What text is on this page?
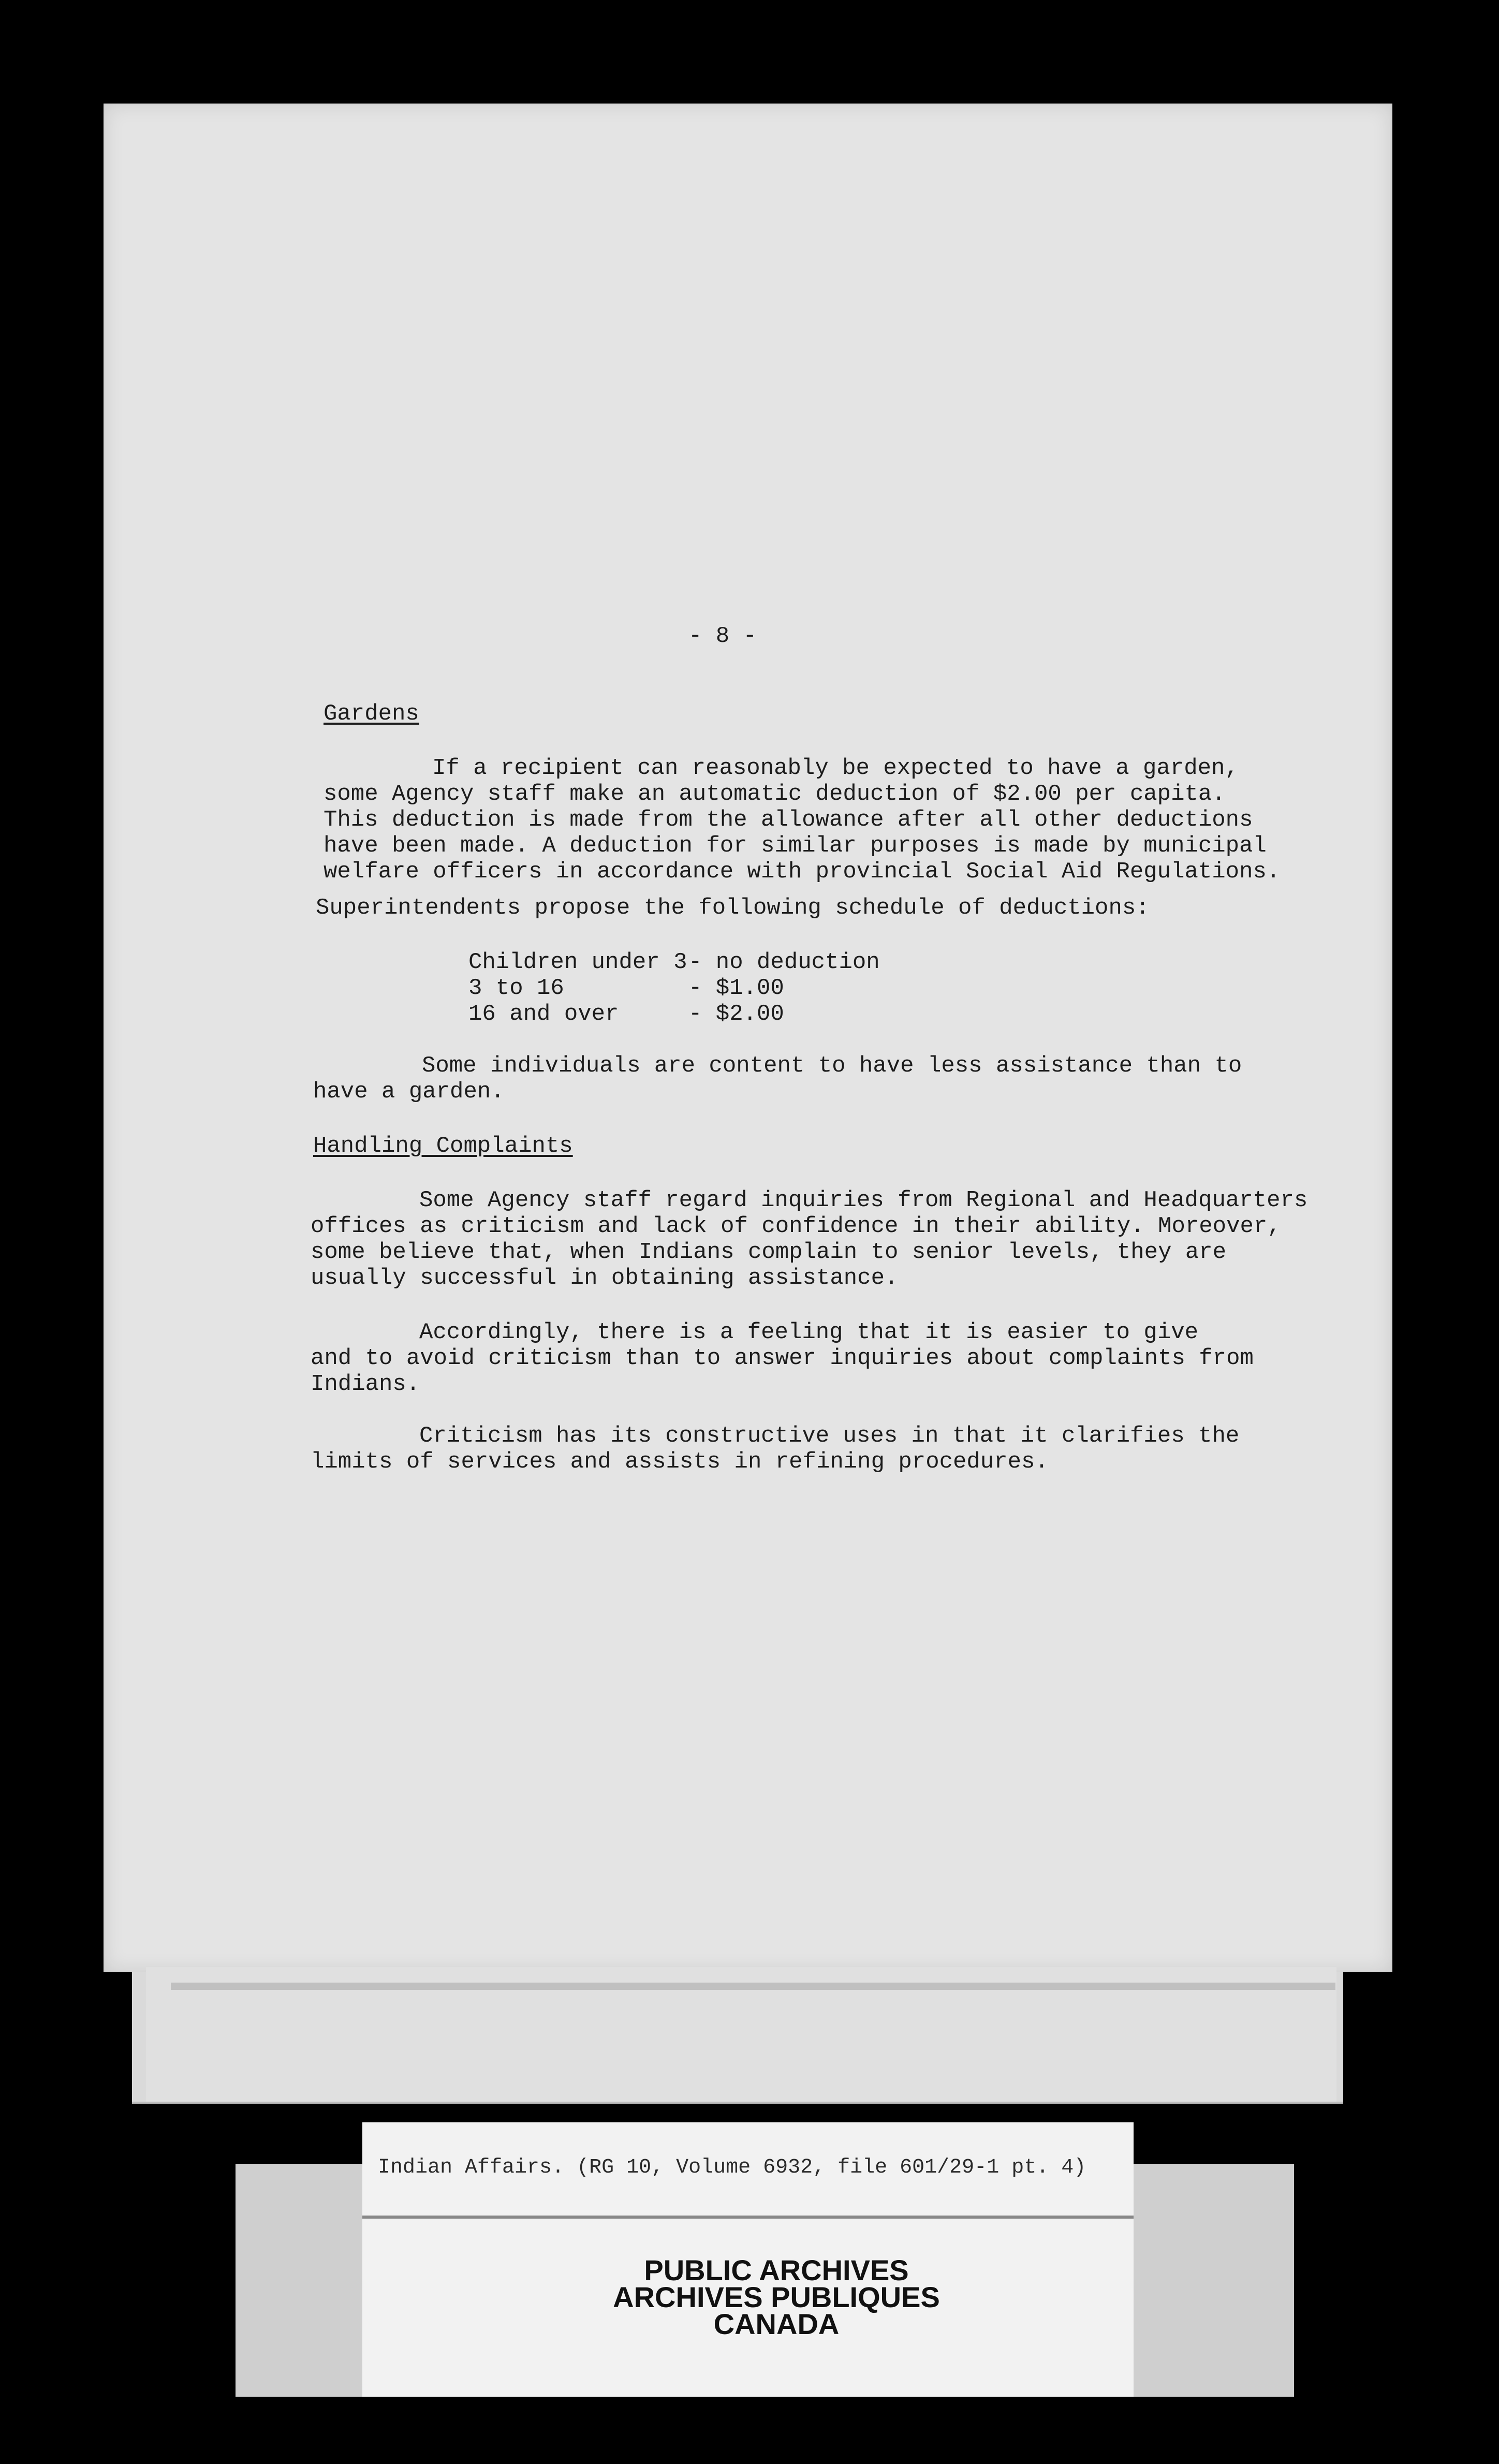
- 8 -
Gardens
If a recipient can reasonably be expected to have a garden,
some Agency staff make an automatic deduction of $2.00 per capita.
This deduction is made from the allowance after all other deductions
have been made. A deduction for similar purposes is made by municipal
welfare officers in accordance with provincial Social Aid Regulations.
Superintendents propose the following schedule of deductions:
Children under 3 - no deduction
3 to 16	- $1.00
16 and over	- $2.00
Some individuals are content to have less assistance than to
have a garden.
Handling Complaints
Some Agency staff regard inquiries from Regional and Headquarters
offices as criticism and lack of confidence in their ability. Moreover,
some believe that, when Indians complain to senior levels, they are
usually successful in obtaining assistance.
Accordingly, there is a feeling that it is easier to give
and to avoid criticism than to answer inquiries about complaints from
Indians.
Criticism has its constructive uses in that it clarifies the
limits of services and assists in refining procedures.
Indian Affairs. (RG 10, Volume 6932, file 601/29-1 pt. 4)
PUBLIC ARCHIVES
ARCHIVES PUBLIQUES
CANADA
